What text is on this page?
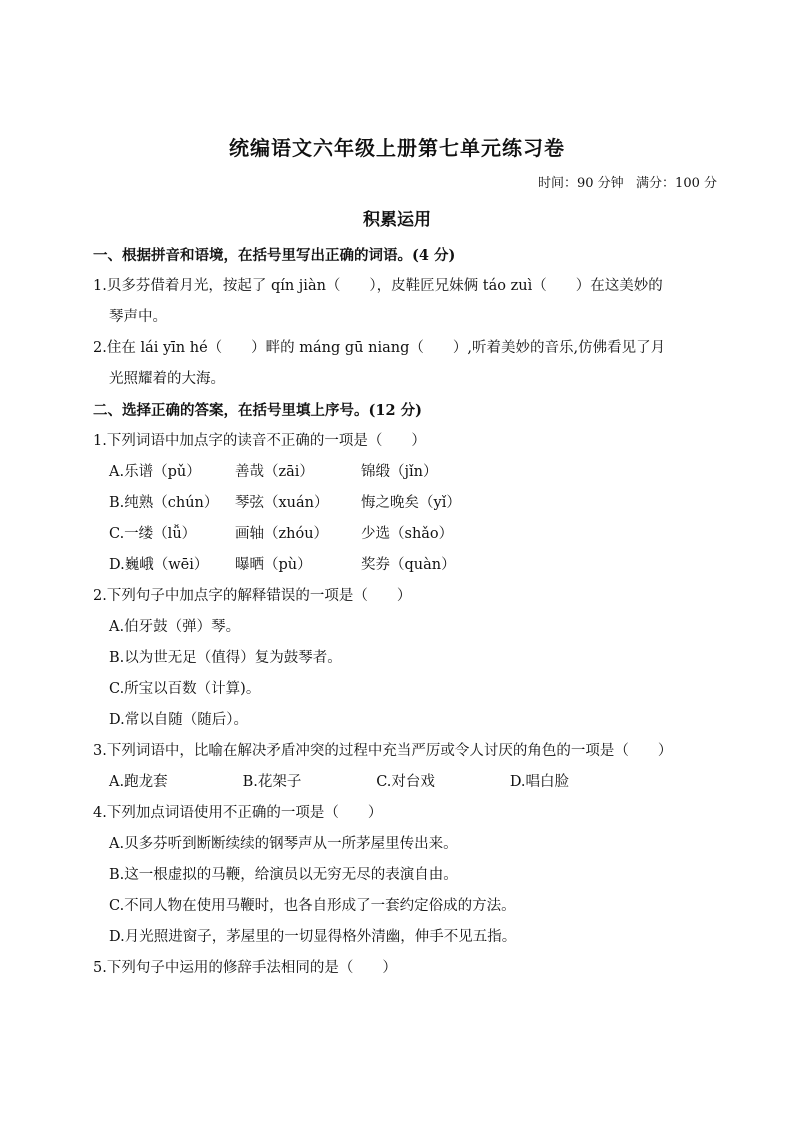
统编语文六年级上册第七单元练习卷
时间：90 分钟 满分：100 分
积累运用
一、根据拼音和语境，在括号里写出正确的词语。(4 分)
1.贝多芬借着月光，按起了 qín jiàn（　　），皮鞋匠兄妹俩 táo zuì（　　）在这美妙的
琴声中。
2.住在 lái yīn hé（　　）畔的 máng gū niang（　　）,听着美妙的音乐,仿佛看见了月
光照耀着的大海。
二、选择正确的答案，在括号里填上序号。(12 分)
1.下列词语中加点字的读音不正确的一项是（　　）
A.乐谱（pǔ）	善哉（zāi）	锦缎（jǐn）
B.纯熟（chún）	琴弦（xuán）	悔之晚矣（yǐ）
C.一缕（lǚ）	画轴（zhóu）	少选（shǎo）
D.巍峨（wēi）	曝晒（pù）	奖券（quàn）
2.下列句子中加点字的解释错误的一项是（　　）
A.伯牙鼓（弹）琴。
B.以为世无足（值得）复为鼓琴者。
C.所宝以百数（计算)。
D.常以自随（随后）。
3.下列词语中，比喻在解决矛盾冲突的过程中充当严厉或令人讨厌的角色的一项是（　　）
A.跑龙套	B.花架子	C.对台戏	D.唱白脸
4.下列加点词语使用不正确的一项是（　　）
A.贝多芬听到断断续续的钢琴声从一所茅屋里传出来。
B.这一根虚拟的马鞭，给演员以无穷无尽的表演自由。
C.不同人物在使用马鞭时，也各自形成了一套约定俗成的方法。
D.月光照进窗子，茅屋里的一切显得格外清幽，伸手不见五指。
5.下列句子中运用的修辞手法相同的是（　　）
